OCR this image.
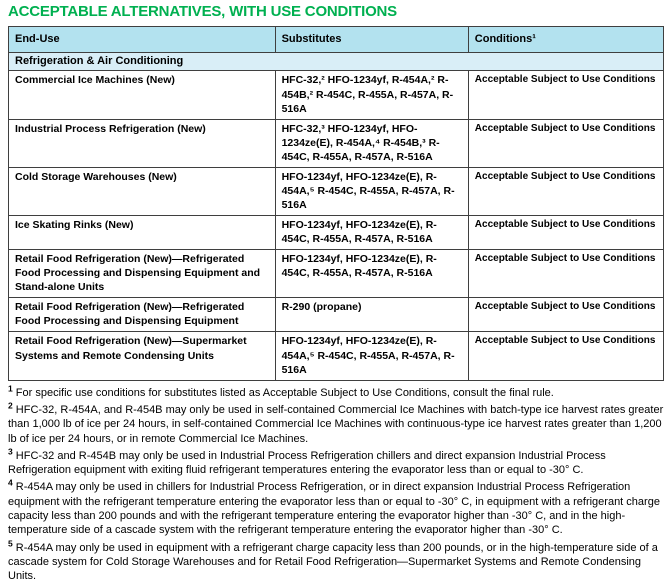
ACCEPTABLE ALTERNATIVES, WITH USE CONDITIONS
End-Use	Substitutes	Conditions¹
Refrigeration & Air Conditioning		
Commercial Ice Machines (New)	HFC-32,² HFO-1234yf, R-454A,² R-454B,² R-454C, R-455A, R-457A, R-516A	Acceptable Subject to Use Conditions

Industrial Process Refrigeration (New)	HFC-32,³ HFO-1234yf, HFO-1234ze(E), R-454A,⁴ R-454B,³ R-454C, R-455A, R-457A, R-516A	Acceptable Subject to Use Conditions

Cold Storage Warehouses (New)	HFO-1234yf, HFO-1234ze(E), R-454A,⁵ R-454C, R-455A, R-457A, R-516A	Acceptable Subject to Use Conditions

Ice Skating Rinks (New)	HFO-1234yf, HFO-1234ze(E), R-454C, R-455A, R-457A, R-516A	Acceptable Subject to Use Conditions

Retail Food Refrigeration (New)—Refrigerated Food Processing and Dispensing Equipment and Stand-alone Units	HFO-1234yf, HFO-1234ze(E), R-454C, R-455A, R-457A, R-516A	Acceptable Subject to Use Conditions

Retail Food Refrigeration (New)—Refrigerated Food Processing and Dispensing Equipment	R-290 (propane)	Acceptable Subject to Use Conditions

Retail Food Refrigeration (New)—Supermarket Systems and Remote Condensing Units	HFO-1234yf, HFO-1234ze(E), R-454A,⁵ R-454C, R-455A, R-457A, R-516A	Acceptable Subject to Use Conditions
$^1$ For specific use conditions for substitutes listed as Acceptable Subject to Use Conditions, consult the final rule.
$^2$ HFC-32, R-454A, and R-454B may only be used in self-contained Commercial Ice Machines with batch-type ice harvest rates greater than 1,000 lb of ice per 24 hours, in self-contained Commercial Ice Machines with continuous-type ice harvest rates greater than 1,200 lb of ice per 24 hours, or in remote Commercial Ice Machines.
$^3$ HFC-32 and R-454B may only be used in Industrial Process Refrigeration chillers and direct expansion Industrial Process Refrigeration equipment with exiting fluid refrigerant temperatures entering the evaporator less than or equal to -30° C.
$^4$ R-454A may only be used in chillers for Industrial Process Refrigeration, or in direct expansion Industrial Process Refrigeration equipment with the refrigerant temperature entering the evaporator less than or equal to -30° C, in equipment with a refrigerant charge capacity less than 200 pounds and with the refrigerant temperature entering the evaporator higher than -30° C, and in the high-temperature side of a cascade system with the refrigerant temperature entering the evaporator higher than -30° C.
$^5$ R-454A may only be used in equipment with a refrigerant charge capacity less than 200 pounds, or in the high-temperature side of a cascade system for Cold Storage Warehouses and for Retail Food Refrigeration—Supermarket Systems and Remote Condensing Units.
